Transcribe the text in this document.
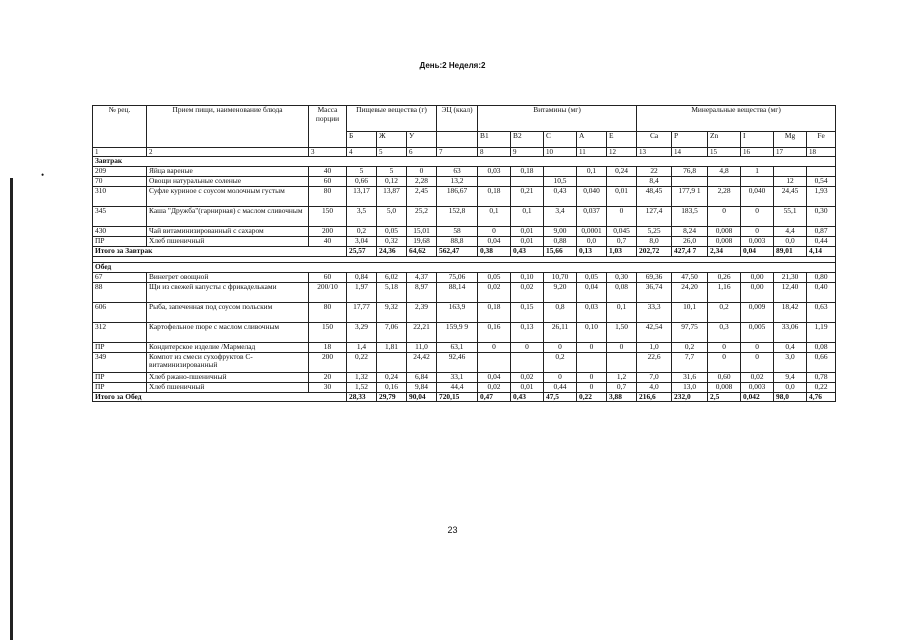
•
День:2 Неделя:2
№ рец.	Прием пищи, наименование блюда	Масса порции	Пищевые вещества (г)			ЭЦ (ккал)	Витамины (мг)					Минеральные вещества (мг)					
			Б	Ж	У		В1	В2	С	А	Е	Са	Р	Zn	I	Mg	Fe
1	2	3	4	5	6	7	8	9	10	11	12	13	14	15	16	17	18
Завтрак																	
209	Яйца вареные	40	5	5	0	63	0,03	0,18		0,1	0,24	22	76,8	4,8	1		
70	Овощи натуральные соленые	60	0,66	0,12	2,28	13,2			10,5			8,4				12	0,54
310	Суфле куриное с соусом молочным густым	80	13,17	13,87	2,45	186,67	0,18	0,21	0,43	0,040	0,01	48,45	177,9 1	2,28	0,040	24,45	1,93
345	Каша "Дружба"(гарнирная) с маслом сливочным	150	3,5	5,0	25,2	152,8	0,1	0,1	3,4	0,037	0	127,4	183,5	0	0	55,1	0,30
430	Чай витаминизированный с сахаром	200	0,2	0,05	15,01	58	0	0,01	9,00	0,0001	0,045	5,25	8,24	0,008	0	4,4	0,87
ПР	Хлеб пшеничный	40	3,04	0,32	19,68	88,8	0,04	0,01	0,88	0,0	0,7	8,0	26,0	0,008	0,003	0,0	0,44
Итого за Завтрак			25,57	24,36	64,62	562,47	0,38	0,43	15,66	0,13	1,03	202,72	427,4 7	2,34	0,04	89,01	4,14

Обед																	
67	Винегрет овощной	60	0,84	6,02	4,37	75,06	0,05	0,10	10,70	0,05	0,30	69,36	47,50	0,26	0,00	21,30	0,80
88	Щи из свежей капусты с фрикадельками	200/10	1,97	5,18	8,97	88,14	0,02	0,02	9,20	0,04	0,08	36,74	24,20	1,16	0,00	12,40	0,40
606	Рыба, запеченная под соусом польским	80	17,77	9,32	2,39	163,9	0,18	0,15	0,8	0,03	0,1	33,3	10,1	0,2	0,009	18,42	0,63
312	Картофельное пюре с маслом сливочным	150	3,29	7,06	22,21	159,9 9	0,16	0,13	26,11	0,10	1,50	42,54	97,75	0,3	0,005	33,06	1,19
ПР	Кондитерское изделие /Мармелад	18	1,4	1,81	11,0	63,1	0	0	0	0	0	1,0	0,2	0	0	0,4	0,08
349	Компот из смеси сухофруктов С- витаминизированный	200	0,22		24,42	92,46			0,2			22,6	7,7	0	0	3,0	0,66
ПР	Хлеб ржано-пшеничный	20	1,32	0,24	6,84	33,1	0,04	0,02	0	0	1,2	7,0	31,6	0,60	0,02	9,4	0,78
ПР	Хлеб пшеничный	30	1,52	0,16	9,84	44,4	0,02	0,01	0,44	0	0,7	4,0	13,0	0,008	0,003	0,0	0,22
Итого за Обед			28,33	29,79	90,04	720,15	0,47	0,43	47,5	0,22	3,88	216,6	232,0	2,5	0,042	98,0	4,76
23
